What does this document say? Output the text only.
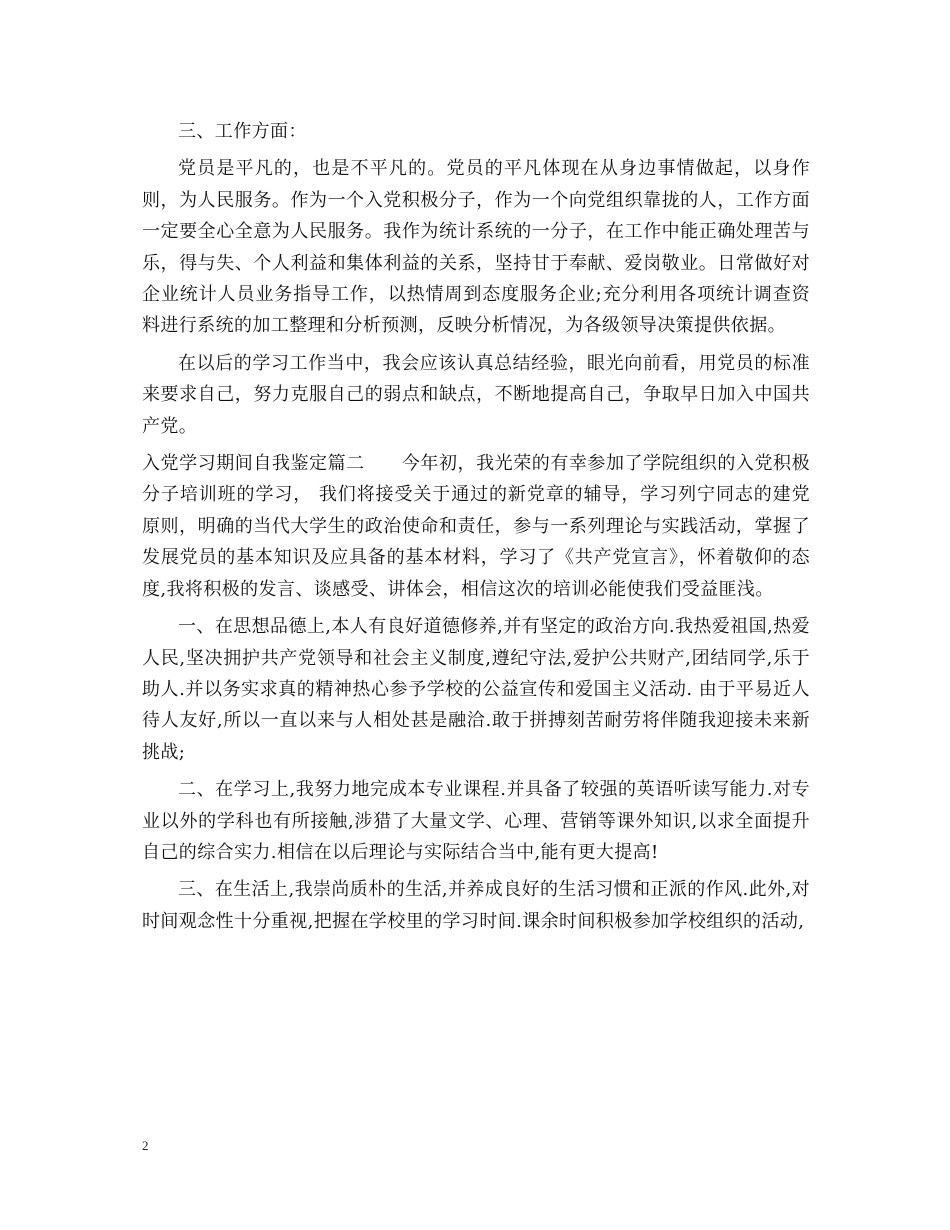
三、工作方面：

党员是平凡的，也是不平凡的。党员的平凡体现在从身边事情做起，以身作则，为人民服务。作为一个入党积极分子，作为一个向党组织靠拢的人，工作方面一定要全心全意为人民服务。我作为统计系统的一分子，在工作中能正确处理苦与乐，得与失、个人利益和集体利益的关系，坚持甘于奉献、爱岗敬业。日常做好对企业统计人员业务指导工作，以热情周到态度服务企业;充分利用各项统计调查资料进行系统的加工整理和分析预测，反映分析情况，为各级领导决策提供依据。

在以后的学习工作当中，我会应该认真总结经验，眼光向前看，用党员的标准来要求自己，努力克服自己的弱点和缺点，不断地提高自己，争取早日加入中国共产党。

入党学习期间自我鉴定篇二　　今年初，我光荣的有幸参加了学院组织的入党积极分子培训班的学习， 我们将接受关于通过的新党章的辅导，学习列宁同志的建党原则，明确的当代大学生的政治使命和责任，参与一系列理论与实践活动，掌握了发展党员的基本知识及应具备的基本材料，学习了《共产党宣言》，怀着敬仰的态度,我将积极的发言、谈感受、讲体会，相信这次的培训必能使我们受益匪浅。

一、在思想品德上,本人有良好道德修养,并有坚定的政治方向.我热爱祖国,热爱人民,坚决拥护共产党领导和社会主义制度,遵纪守法,爱护公共财产,团结同学,乐于助人.并以务实求真的精神热心参予学校的公益宣传和爱国主义活动. 由于平易近人待人友好,所以一直以来与人相处甚是融洽.敢于拼搏刻苦耐劳将伴随我迎接未来新挑战;

二、在学习上,我努力地完成本专业课程.并具备了较强的英语听读写能力.对专业以外的学科也有所接触,涉猎了大量文学、心理、营销等课外知识,以求全面提升自己的综合实力.相信在以后理论与实际结合当中,能有更大提高!

三、在生活上,我崇尚质朴的生活,并养成良好的生活习惯和正派的作风.此外,对时间观念性十分重视,把握在学校里的学习时间.课余时间积极参加学校组织的活动,

2
